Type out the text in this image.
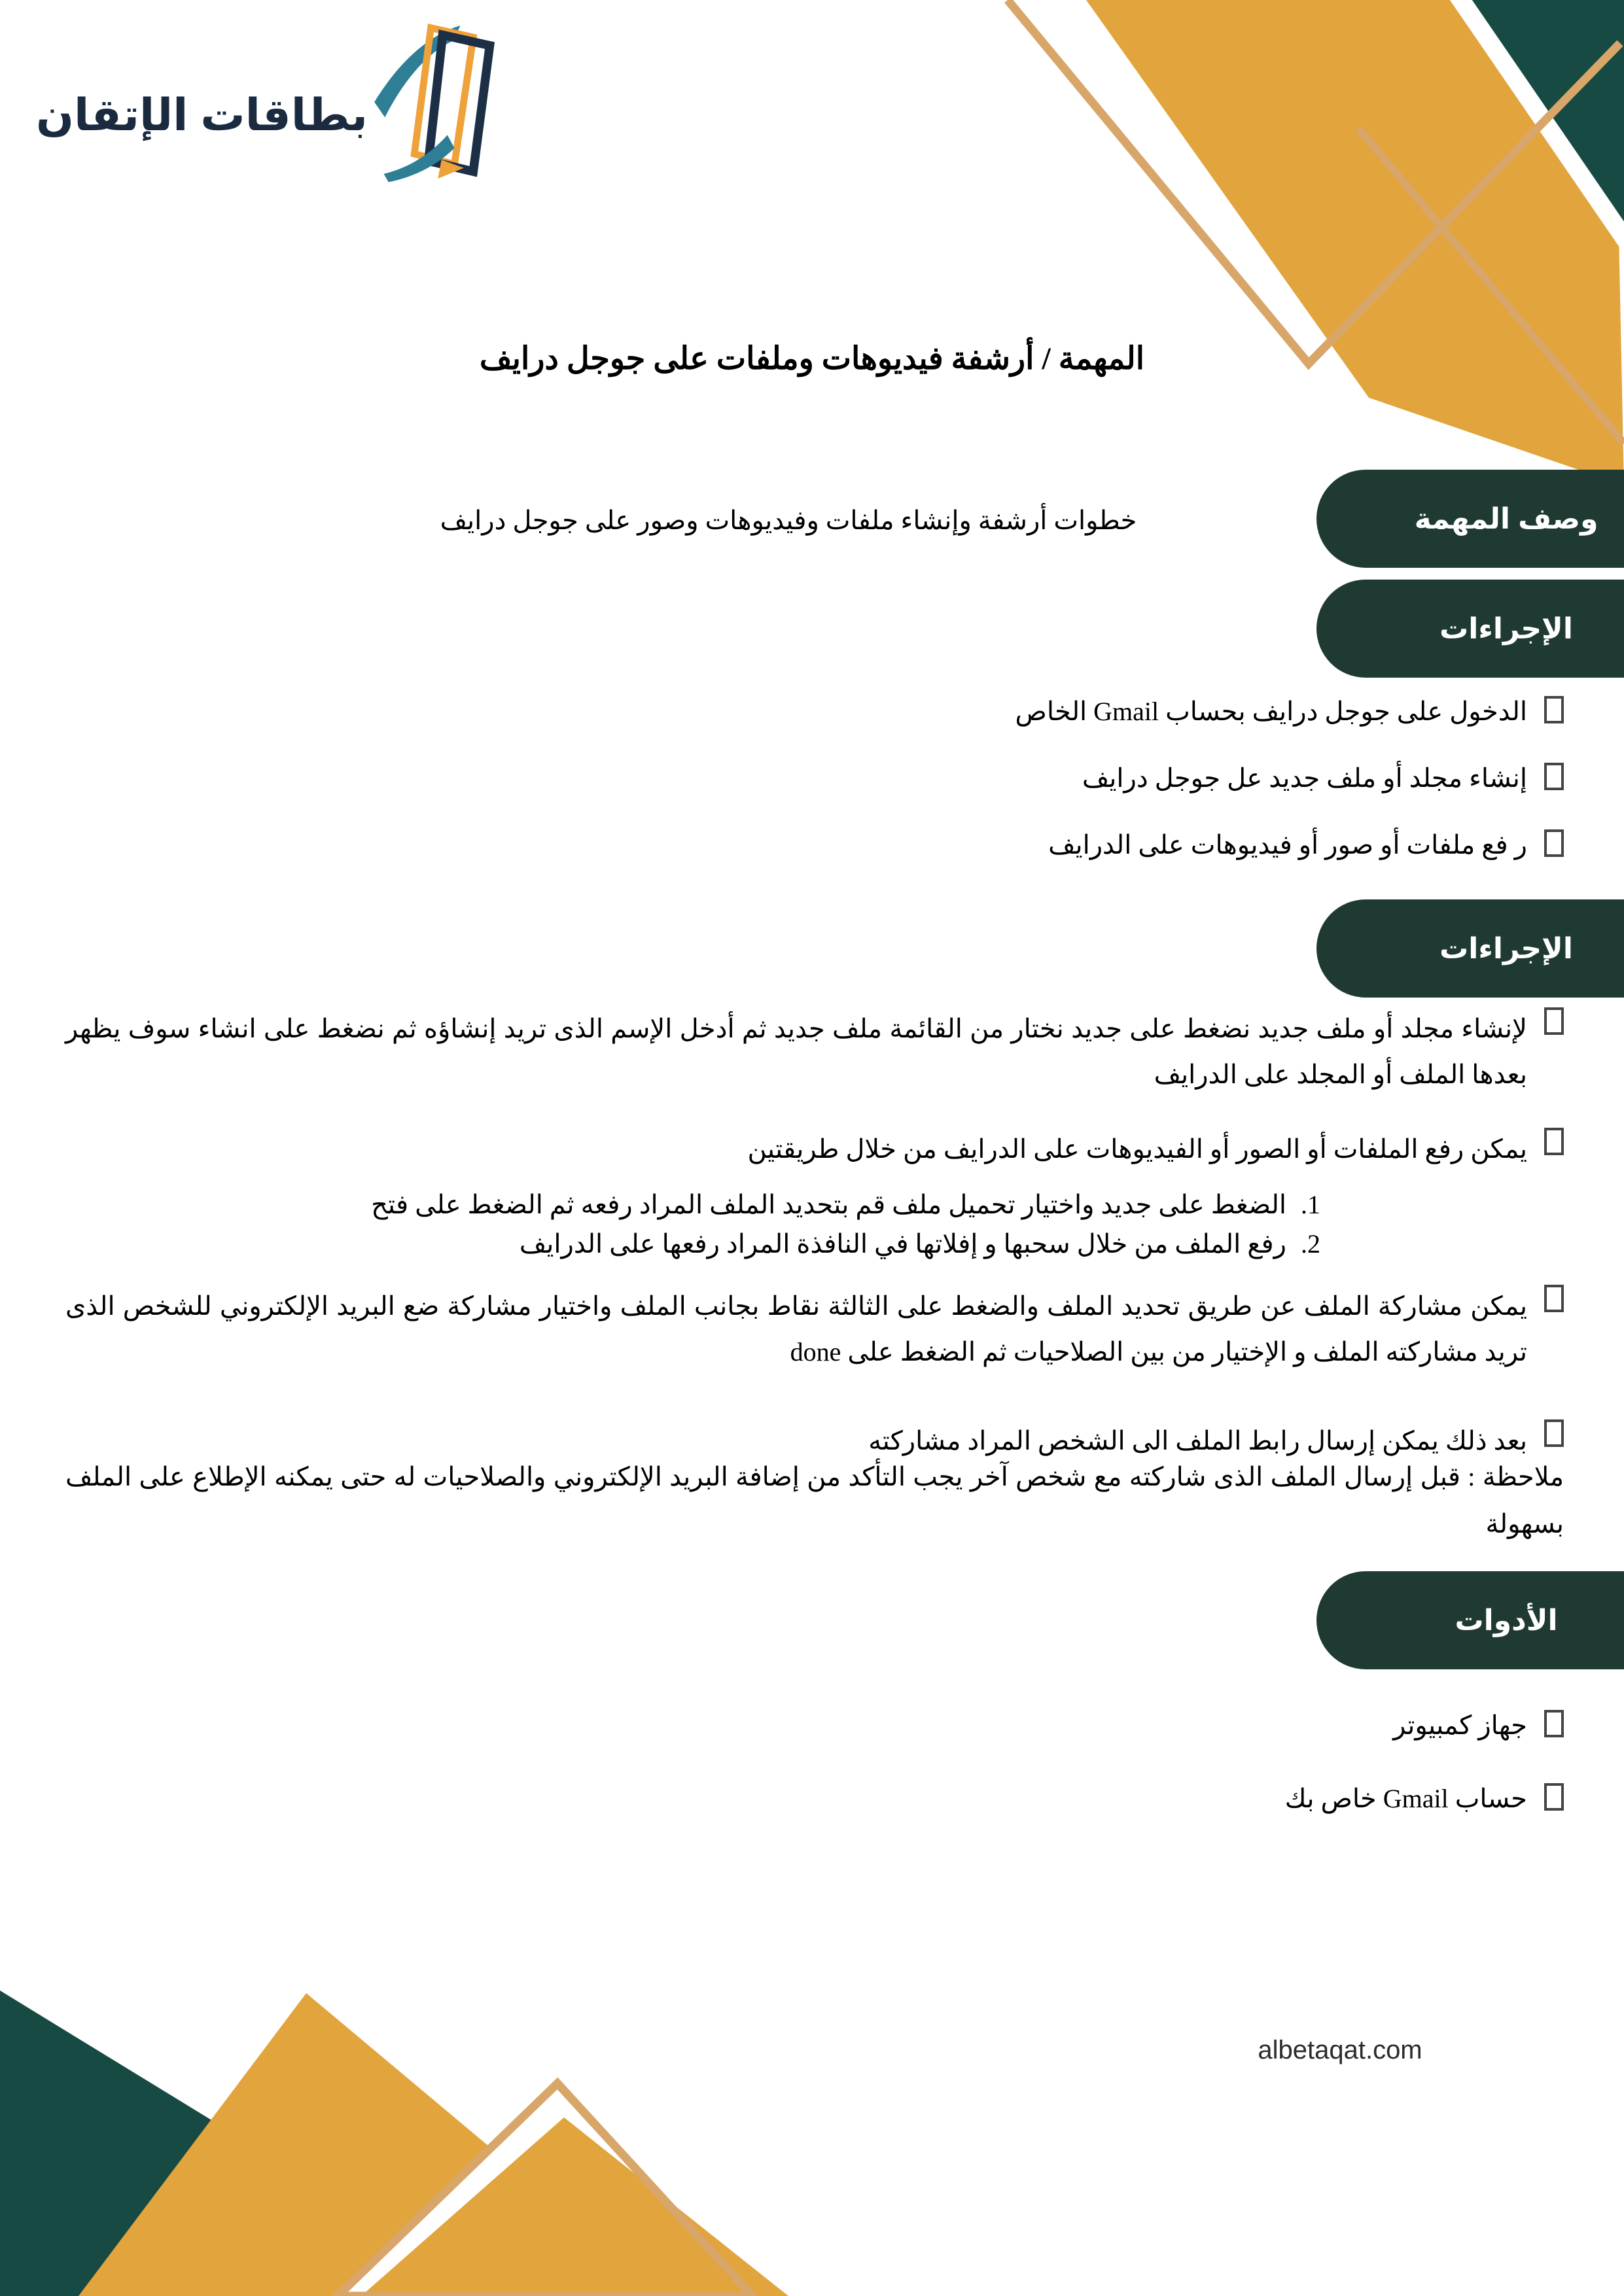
بطاقات الإتقان
المهمة / أرشفة فيديوهات وملفات على جوجل درايف
وصف المهمة
خطوات أرشفة وإنشاء ملفات وفيديوهات وصور على جوجل درايف
الإجراءات
الدخول على جوجل درايف بحساب Gmail الخاص
إنشاء مجلد أو ملف جديد عل جوجل درايف
ر فع ملفات أو صور أو فيديوهات على الدرايف
الإجراءات
لإنشاء مجلد أو ملف جديد نضغط على جديد نختار من القائمة ملف جديد ثم أدخل الإسم الذى تريد إنشاؤه ثم نضغط على انشاء سوف يظهر بعدها الملف أو المجلد على الدرايف
يمكن رفع الملفات أو الصور أو الفيديوهات على الدرايف من خلال طريقتين
1.
الضغط على جديد واختيار تحميل ملف قم بتحديد الملف المراد رفعه ثم الضغط على فتح
2.
رفع الملف من خلال سحبها و إفلاتها في النافذة المراد رفعها على الدرايف
يمكن مشاركة الملف عن طريق تحديد الملف والضغط على الثالثة نقاط بجانب الملف واختيار مشاركة ضع البريد الإلكتروني للشخص الذى تريد مشاركته الملف و الإختيار من بين الصلاحيات ثم الضغط على done
بعد ذلك يمكن إرسال رابط الملف الى الشخص المراد مشاركته
ملاحظة : قبل إرسال الملف الذى شاركته مع شخص آخر يجب التأكد من إضافة البريد الإلكتروني والصلاحيات له حتى يمكنه الإطلاع على الملف بسهولة
الأدوات
جهاز كمبيوتر
حساب Gmail خاص بك
albetaqat.com
